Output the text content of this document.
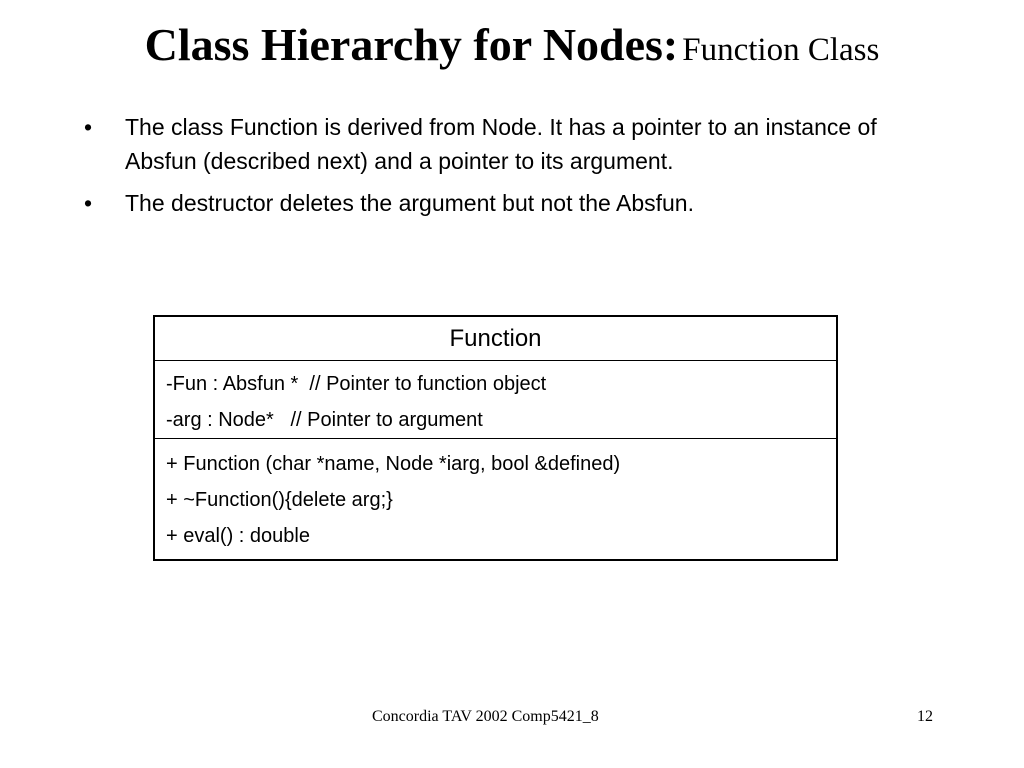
Class Hierarchy for Nodes: Function Class
• The class Function is derived from Node. It has a pointer to an instance of Absfun (described next) and a pointer to its argument.
• The destructor deletes the argument but not the Absfun.
Function
-Fun : Absfun *  // Pointer to function object
-arg : Node*   // Pointer to argument
+ Function (char *name, Node *iarg, bool &defined)
+ ~Function(){delete arg;}
+ eval() : double
Concordia TAV 2002 Comp5421_8	12
